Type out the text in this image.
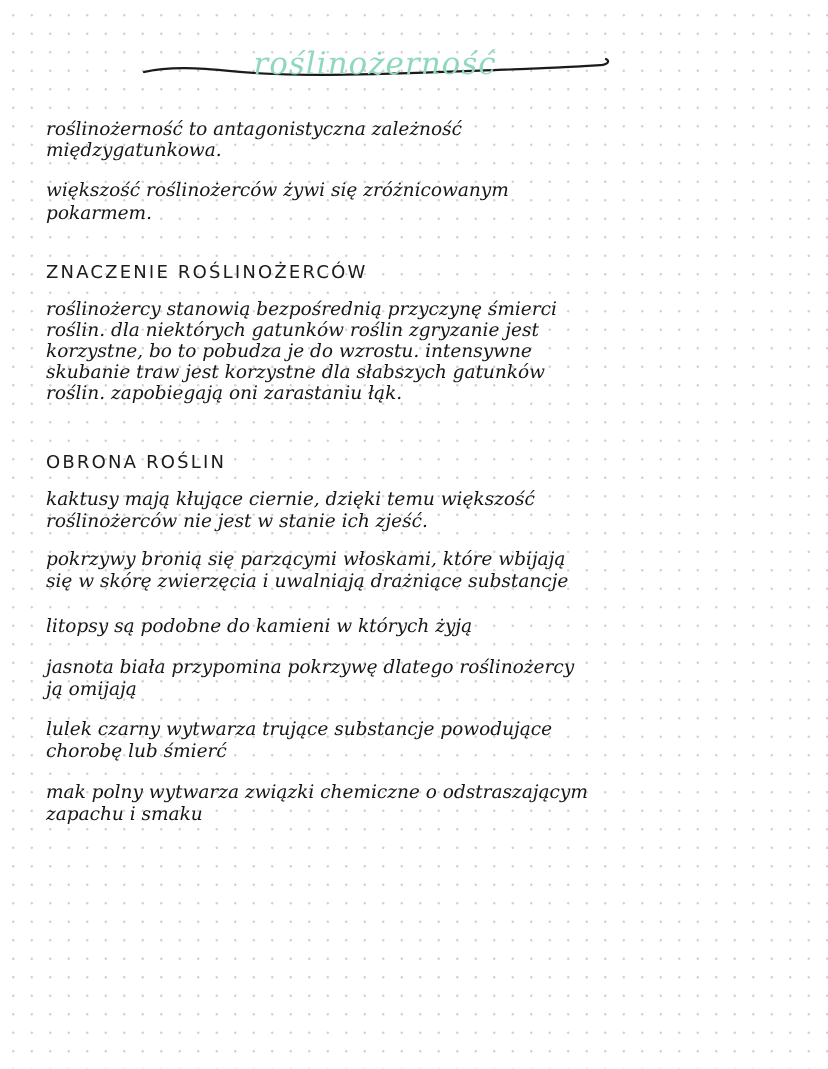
roślinożerność
roślinożerność to antagonistyczna zależność
międzygatunkowa.
większość roślinożerców żywi się zróżnicowanym
pokarmem.
ZNACZENIE ROŚLINOŻERCÓW
roślinożercy stanowią bezpośrednią przyczynę śmierci
roślin. dla niektórych gatunków roślin zgryzanie jest
korzystne, bo to pobudza je do wzrostu. intensywne
skubanie traw jest korzystne dla słabszych gatunków
roślin. zapobiegają oni zarastaniu łąk.
OBRONA ROŚLIN
kaktusy mają kłujące ciernie, dzięki temu większość
roślinożerców nie jest w stanie ich zjeść.
pokrzywy bronią się parzącymi włoskami, które wbijają
się w skórę zwierzęcia i uwalniają drażniące substancje
litopsy są podobne do kamieni w których żyją
jasnota biała przypomina pokrzywę dlatego roślinożercy
ją omijają
lulek czarny wytwarza trujące substancje powodujące
chorobę lub śmierć
mak polny wytwarza związki chemiczne o odstraszającym
zapachu i smaku
